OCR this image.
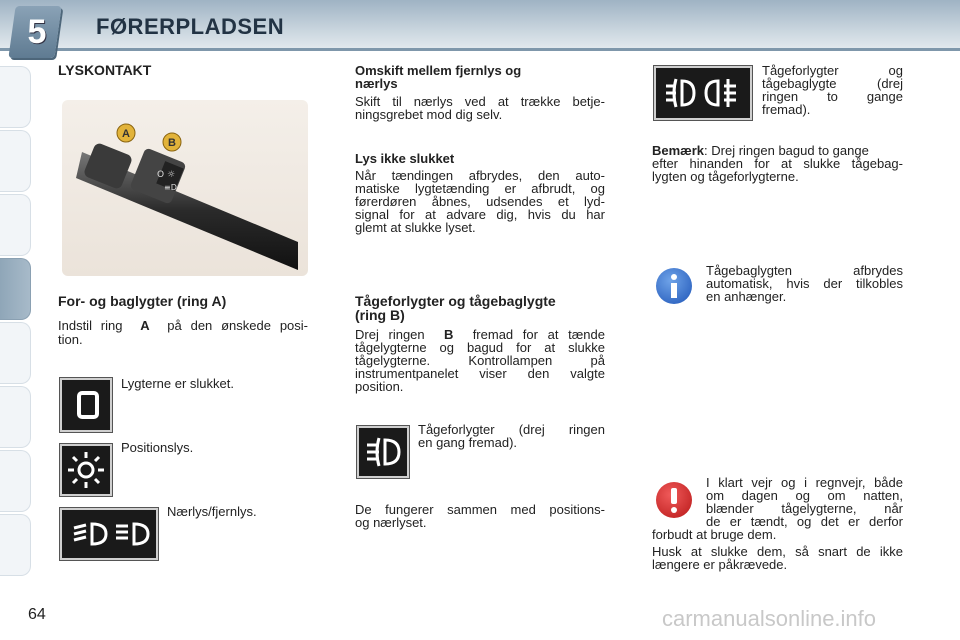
5	FØRERPLADSEN
LYSKONTAKT
O ☼
≡D
A
B
For- og baglygter (ring A)
Indstil ring A på den ønskede posi-
tion.
Lygterne er slukket.
Positionslys.
Nærlys/fjernlys.
Omskift mellem fjernlys og
nærlys
Skift til nærlys ved at trække betje-
ningsgrebet mod dig selv.
Lys ikke slukket
Når tændingen afbrydes, den auto-
matiske lygtetænding er afbrudt, og
førerdøren åbnes, udsendes et lyd-
signal for at advare dig, hvis du har
glemt at slukke lyset.
Tågeforlygter og tågebaglygte
(ring B)
Drej ringen B fremad for at tænde
tågelygterne og bagud for at slukke
tågelygterne. Kontrollampen på
instrumentpanelet viser den valgte
position.
Tågeforlygter (drej ringen
en gang fremad).
De fungerer sammen med positions-
og nærlyset.
Tågeforlygter og
tågebaglygte (drej
ringen to gange
fremad).
Bemærk: Drej ringen bagud to gange
efter hinanden for at slukke tågebag-
lygten og tågeforlygterne.
Tågebaglygten afbrydes
automatisk, hvis der tilkobles
en anhænger.
I klart vejr og i regnvejr, både
om dagen og om natten,
blænder tågelygterne, når
de er tændt, og det er derfor
forbudt at bruge dem.
Husk at slukke dem, så snart de ikke
længere er påkrævede.
64	carmanualsonline.info
